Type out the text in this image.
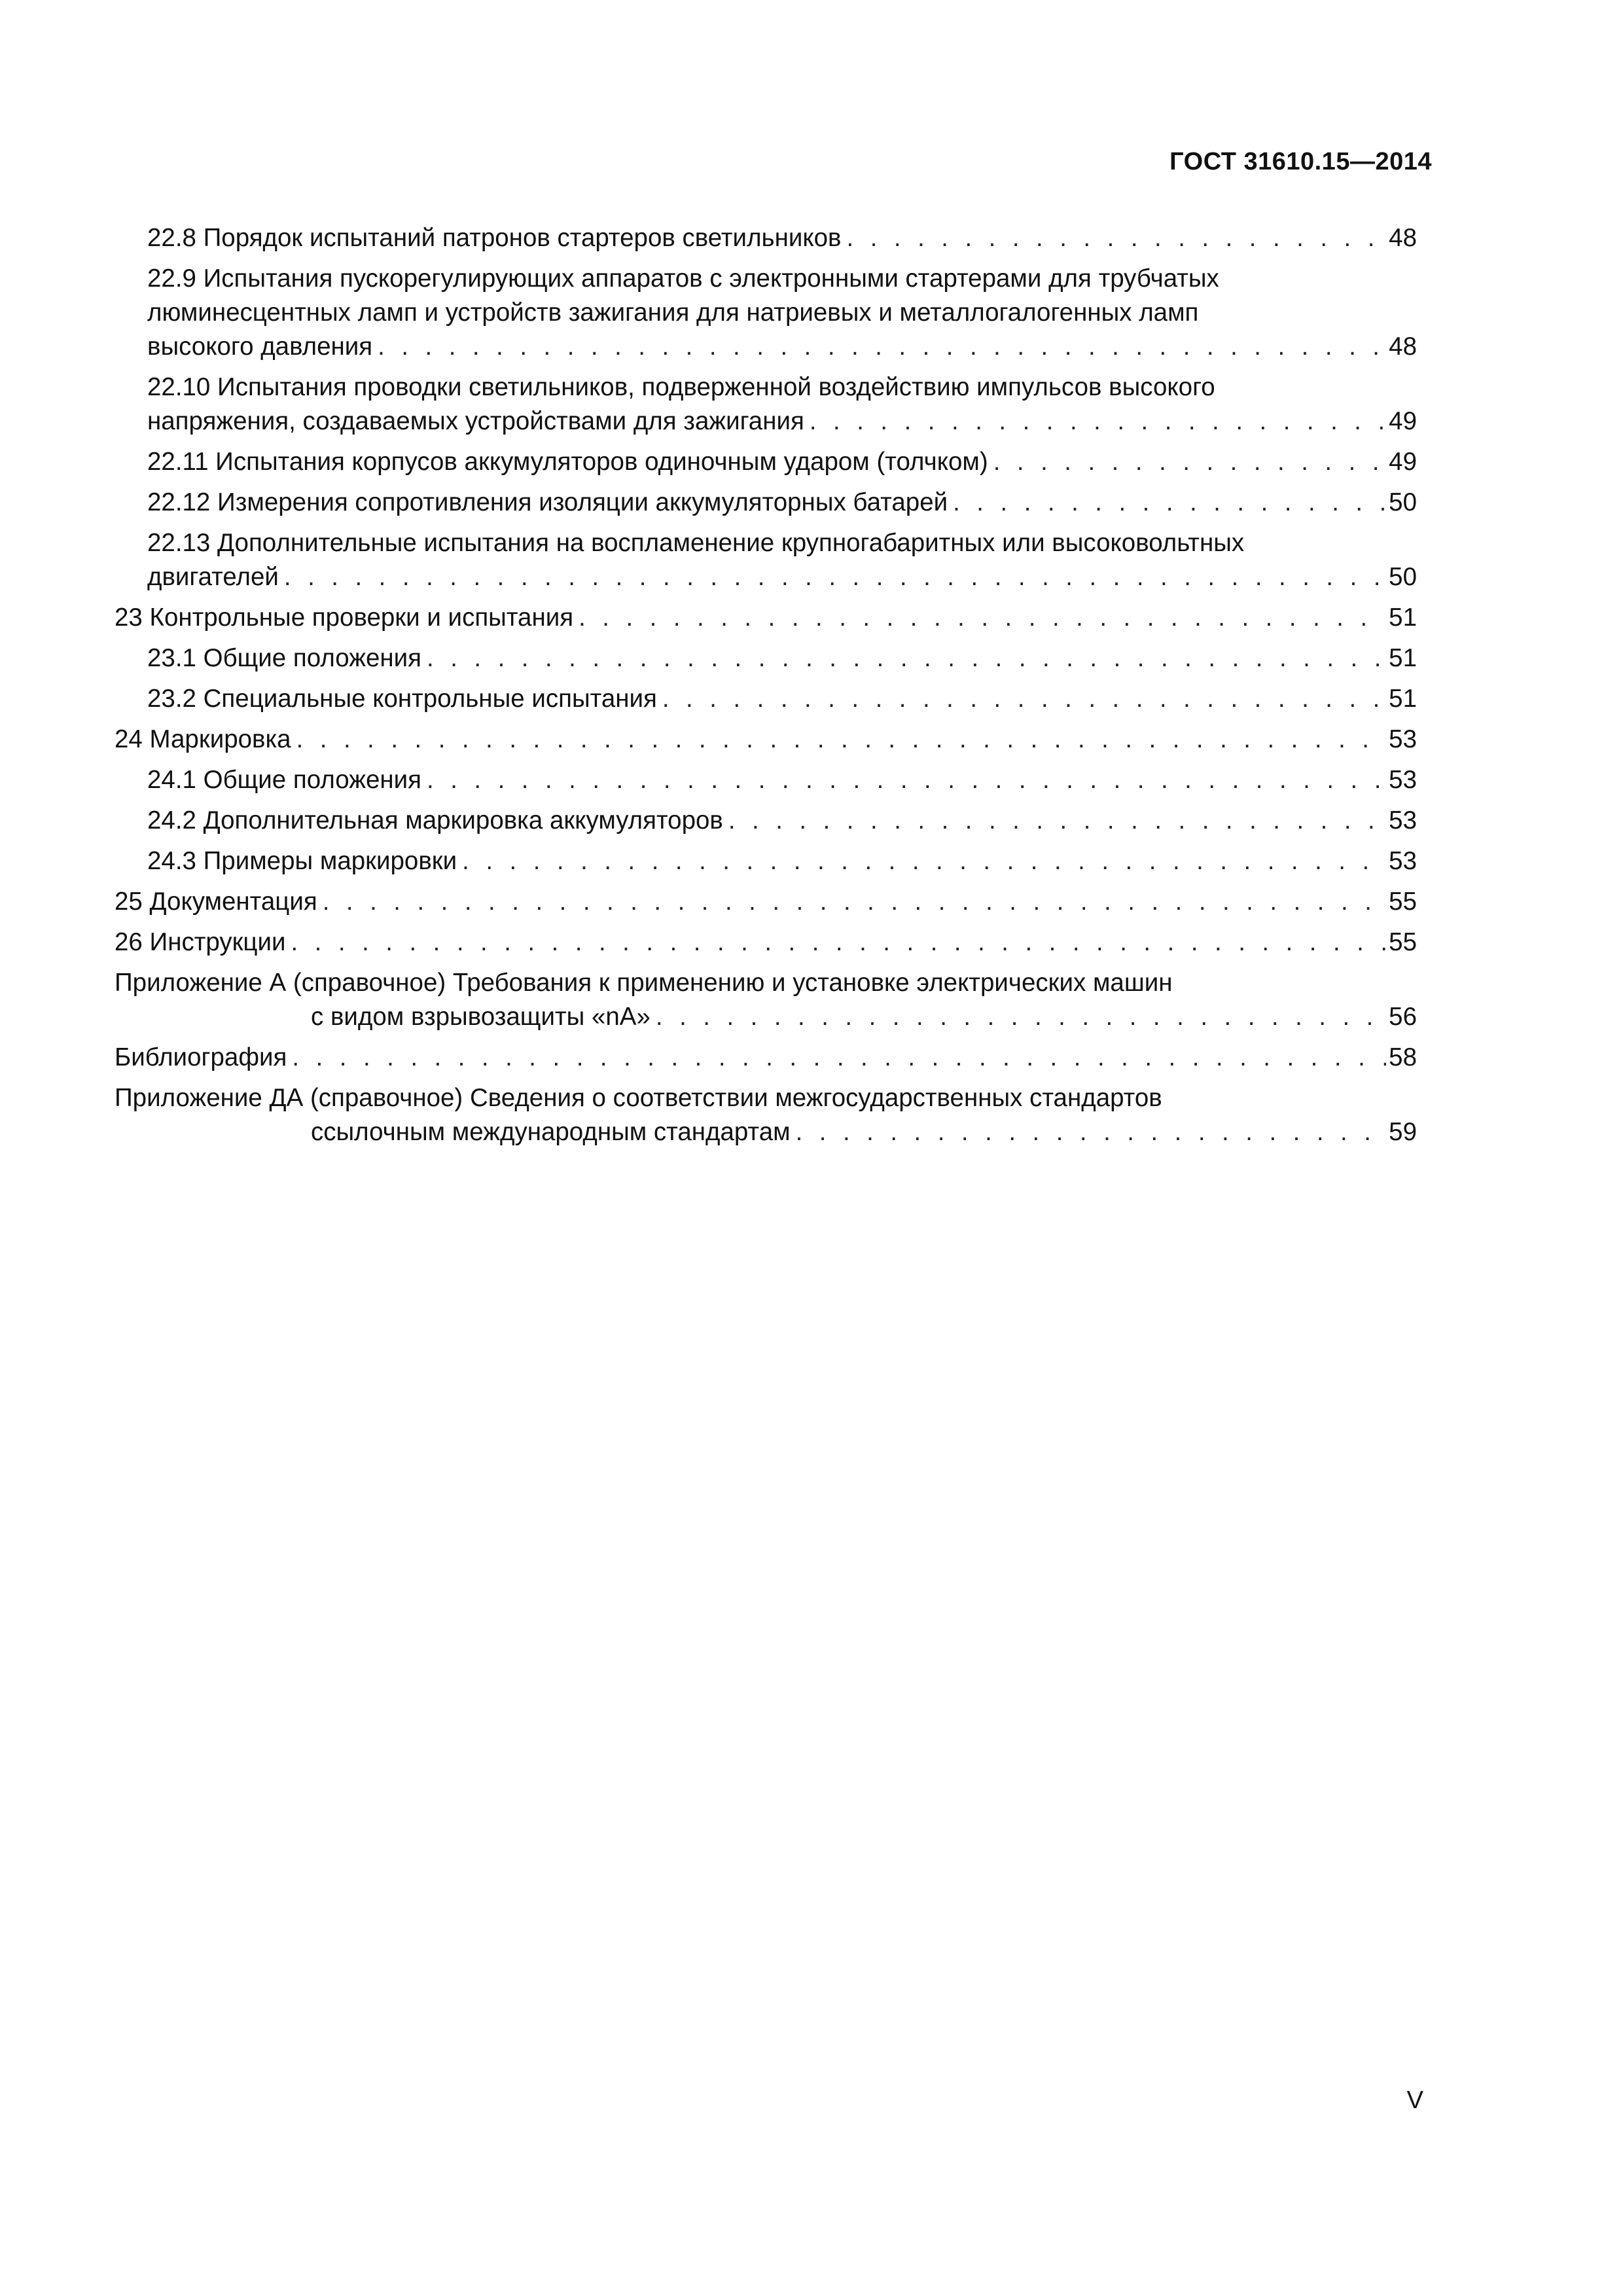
ГОСТ 31610.15—2014
22.8 Порядок испытаний патронов стартеров светильников . . .	48
22.9 Испытания пускорегулирующих аппаратов с электронными стартерами для трубчатых
люминесцентных ламп и устройств зажигания для натриевых и металлогалогенных ламп
высокого давления . . .	48
22.10 Испытания проводки светильников, подверженной воздействию импульсов высокого
напряжения, создаваемых устройствами для зажигания . . .	49
22.11 Испытания корпусов аккумуляторов одиночным ударом (толчком) . . .	49
22.12 Измерения сопротивления изоляции аккумуляторных батарей . . .	50
22.13 Дополнительные испытания на воспламенение крупногабаритных или высоковольтных
двигателей . . .	50
23 Контрольные проверки и испытания . . .	51
23.1 Общие положения . . .	51
23.2 Специальные контрольные испытания . . .	51
24 Маркировка . . .	53
24.1 Общие положения . . .	53
24.2 Дополнительная маркировка аккумуляторов . . .	53
24.3 Примеры маркировки . . .	53
25 Документация . . .	55
26 Инструкции . . .	55
Приложение А (справочное) Требования к применению и установке электрических машин
с видом взрывозащиты «nA» . . .	56
Библиография . . .	58
Приложение ДА (справочное) Сведения о соответствии межгосударственных стандартов
ссылочным международным стандартам . . .	59
V
